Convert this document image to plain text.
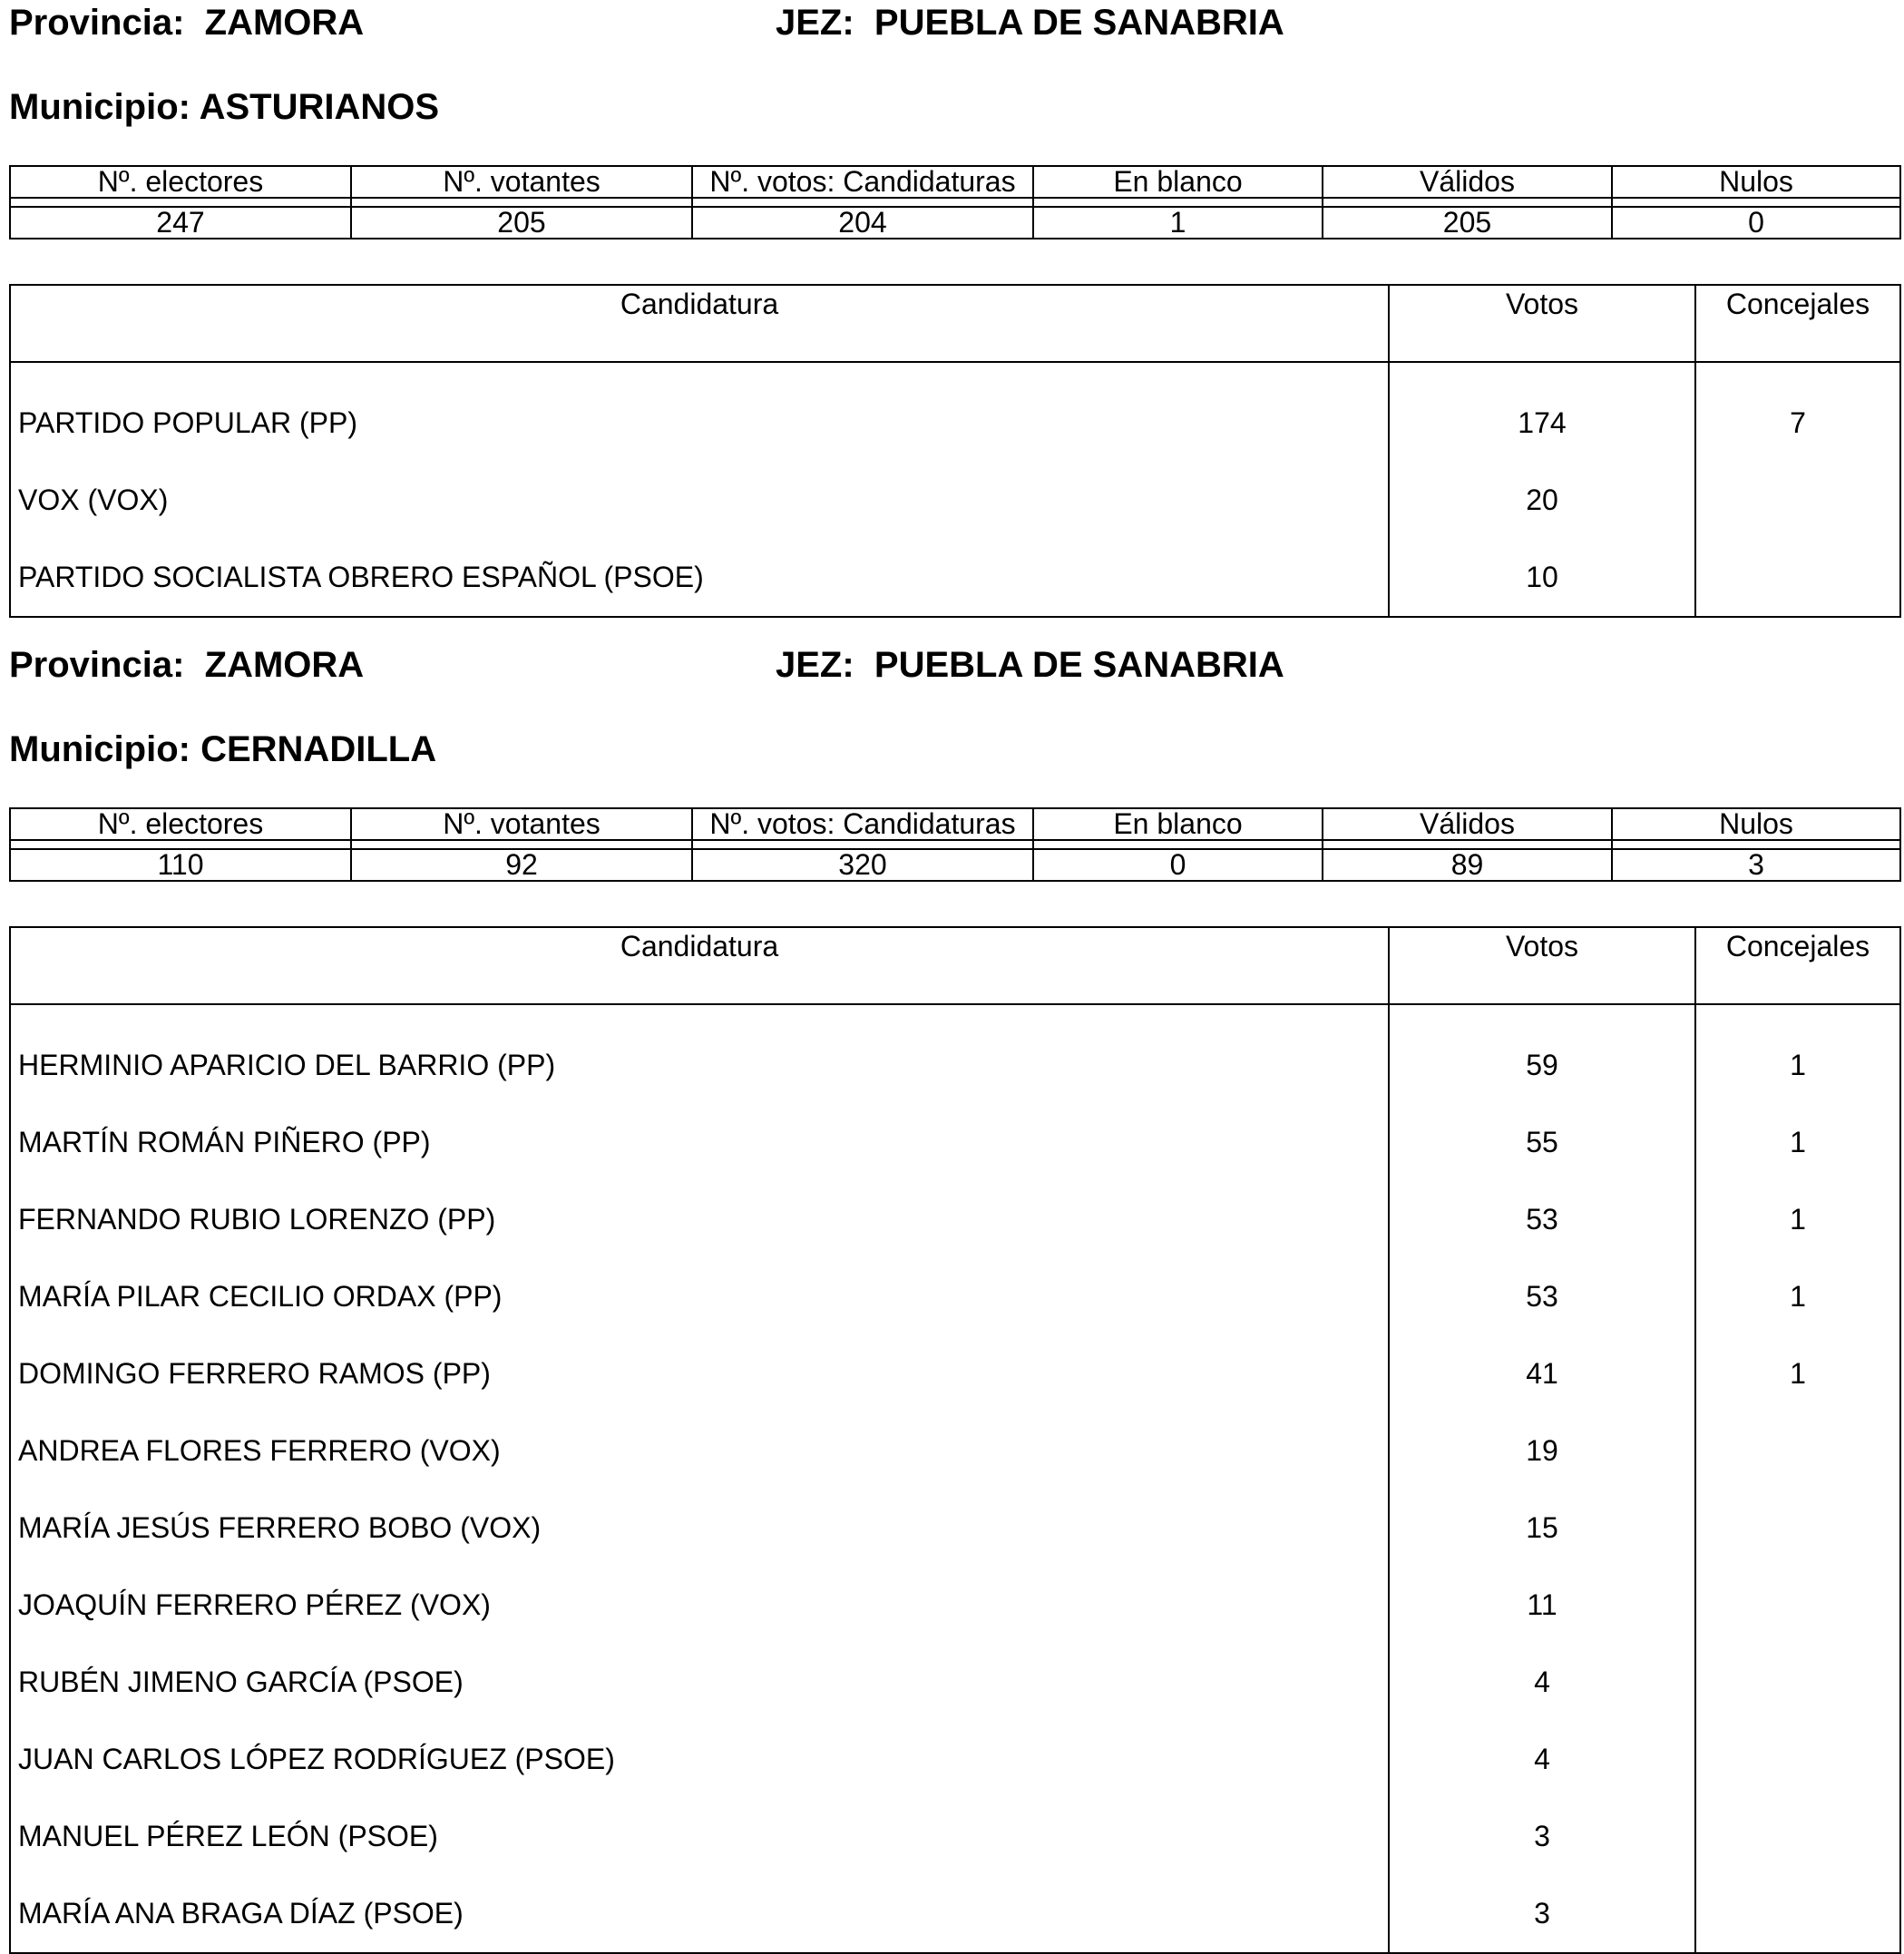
Provincia: ZAMORA	JEZ: PUEBLA DE SANABRIA
Municipio: ASTURIANOS
Nº. electores	Nº. votantes	Nº. votos: Candidaturas	En blanco	Válidos	Nulos

247	205	204	1	205	0
Candidatura	Votos	Concejales
PARTIDO POPULAR (PP)	174	7
VOX (VOX)	20	
PARTIDO SOCIALISTA OBRERO ESPAÑOL (PSOE)	10	
Provincia: ZAMORA	JEZ: PUEBLA DE SANABRIA
Municipio: CERNADILLA
Nº. electores	Nº. votantes	Nº. votos: Candidaturas	En blanco	Válidos	Nulos

110	92	320	0	89	3
Candidatura	Votos	Concejales
HERMINIO APARICIO DEL BARRIO (PP)	59	1
MARTÍN ROMÁN PIÑERO (PP)	55	1
FERNANDO RUBIO LORENZO (PP)	53	1
MARÍA PILAR CECILIO ORDAX (PP)	53	1
DOMINGO FERRERO RAMOS (PP)	41	1
ANDREA FLORES FERRERO (VOX)	19	
MARÍA JESÚS FERRERO BOBO (VOX)	15	
JOAQUÍN FERRERO PÉREZ (VOX)	11	
RUBÉN JIMENO GARCÍA (PSOE)	4	
JUAN CARLOS LÓPEZ RODRÍGUEZ (PSOE)	4	
MANUEL PÉREZ LEÓN (PSOE)	3	
MARÍA ANA BRAGA DÍAZ (PSOE)	3	
